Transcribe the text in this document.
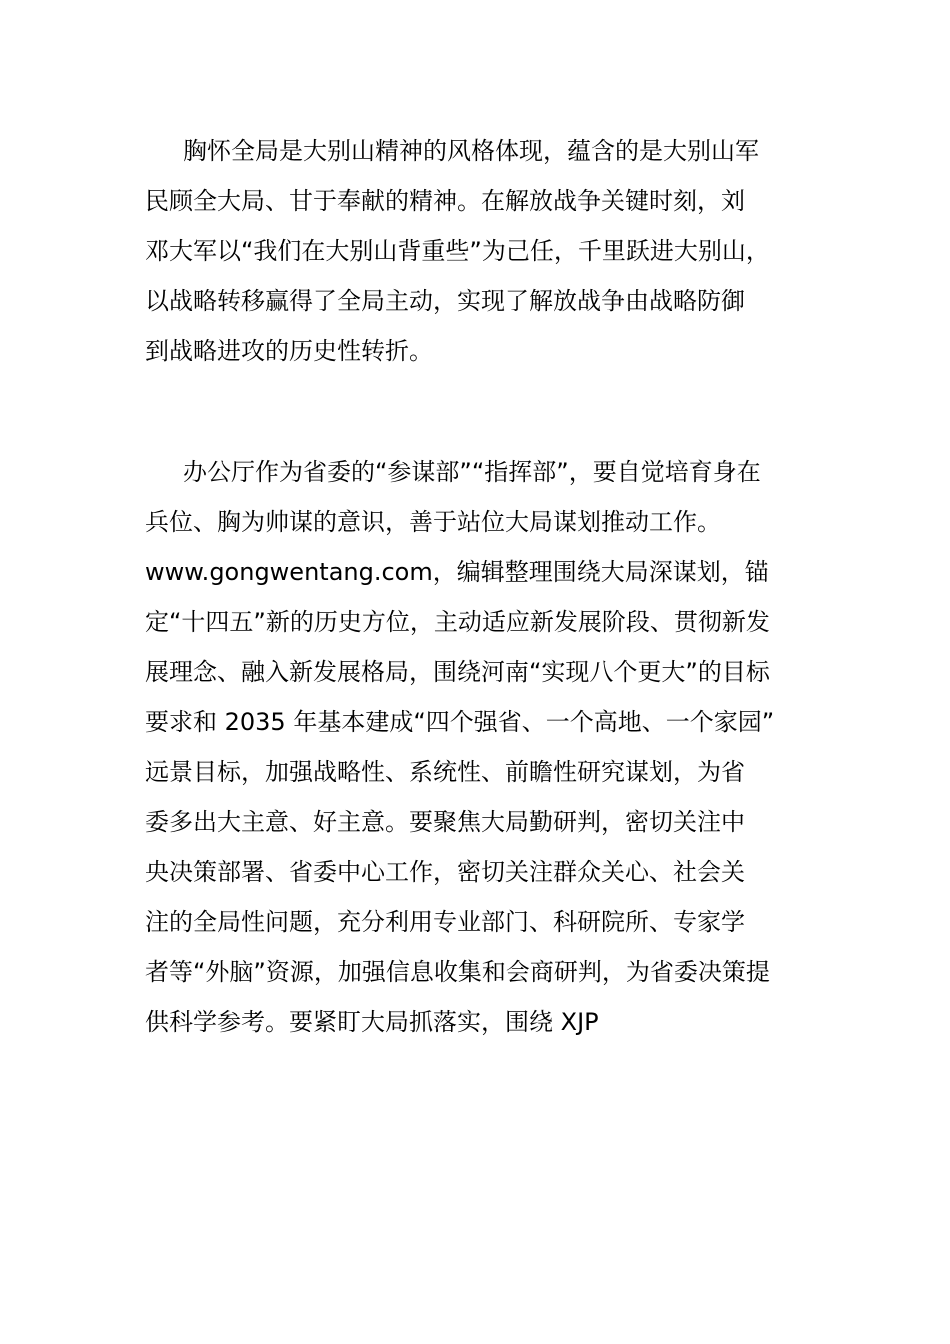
胸怀全局是大别山精神的风格体现，蕴含的是大别山军
民顾全大局、甘于奉献的精神。在解放战争关键时刻，刘
邓大军以“我们在大别山背重些”为己任，千里跃进大别山，
以战略转移赢得了全局主动，实现了解放战争由战略防御
到战略进攻的历史性转折。
办公厅作为省委的“参谋部”“指挥部”，要自觉培育身在
兵位、胸为帅谋的意识，善于站位大局谋划推动工作。
www.gongwentang.com，编辑整理围绕大局深谋划，锚
定“十四五”新的历史方位，主动适应新发展阶段、贯彻新发
展理念、融入新发展格局，围绕河南“实现八个更大”的目标
要求和 2035 年基本建成“四个强省、一个高地、一个家园”
远景目标，加强战略性、系统性、前瞻性研究谋划，为省
委多出大主意、好主意。要聚焦大局勤研判，密切关注中
央决策部署、省委中心工作，密切关注群众关心、社会关
注的全局性问题，充分利用专业部门、科研院所、专家学
者等“外脑”资源，加强信息收集和会商研判，为省委决策提
供科学参考。要紧盯大局抓落实，围绕 XJP
